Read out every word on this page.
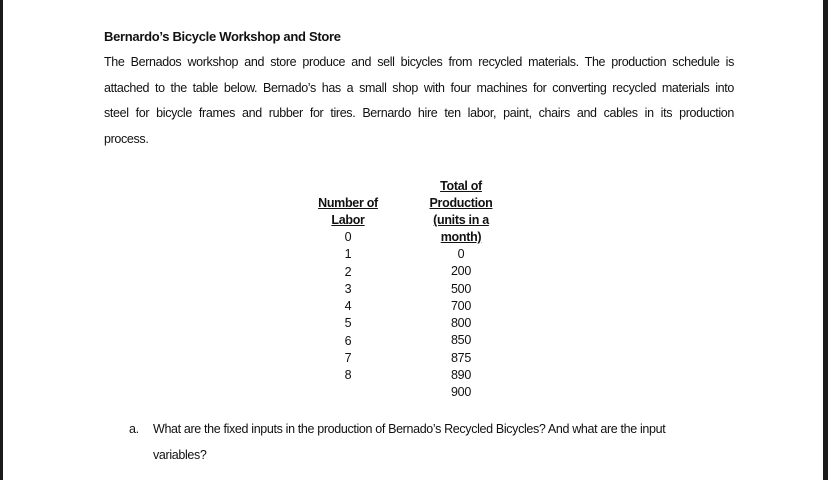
Bernardo’s Bicycle Workshop and Store
The Bernados workshop and store produce and sell bicycles from recycled materials. The production schedule is
attached to the table below. Bernado’s has a small shop with four machines for converting recycled materials into
steel for bicycle frames and rubber for tires. Bernardo hire ten labor, paint, chairs and cables in its production
process.
Number of
Labor
0
1
2
3
4
5
6
7
8
Total of
Production
(units in a
month)
0
200
500
700
800
850
875
890
900
a. What are the fixed inputs in the production of Bernado’s Recycled Bicycles? And what are the input
variables?
